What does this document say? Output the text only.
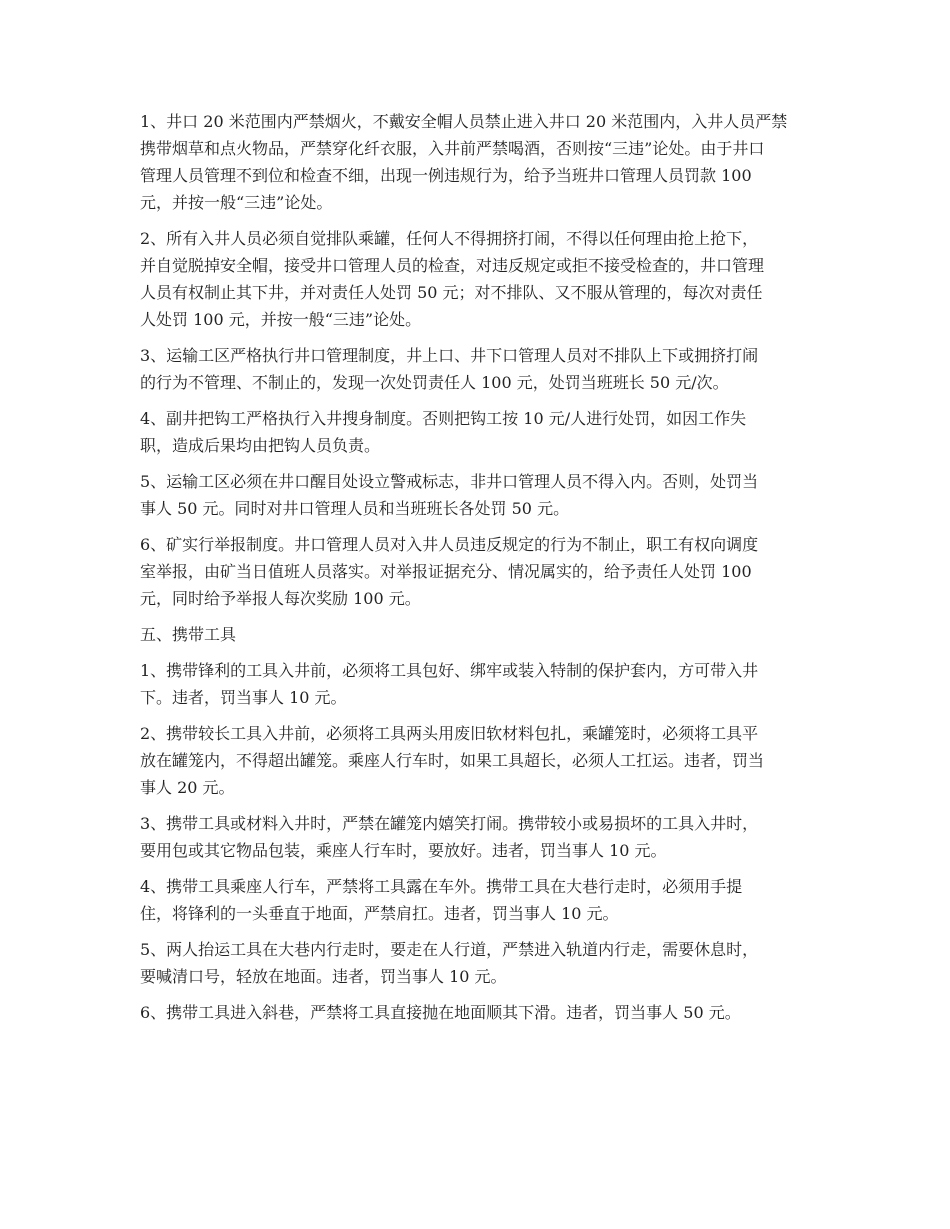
1、井口 20 米范围内严禁烟火，不戴安全帽人员禁止进入井口 20 米范围内，入井人员严禁
携带烟草和点火物品，严禁穿化纤衣服，入井前严禁喝酒，否则按“三违”论处。由于井口
管理人员管理不到位和检查不细，出现一例违规行为，给予当班井口管理人员罚款 100
元，并按一般“三违”论处。

2、所有入井人员必须自觉排队乘罐，任何人不得拥挤打闹，不得以任何理由抢上抢下，
并自觉脱掉安全帽，接受井口管理人员的检查，对违反规定或拒不接受检查的，井口管理
人员有权制止其下井，并对责任人处罚 50 元；对不排队、又不服从管理的，每次对责任
人处罚 100 元，并按一般“三违”论处。

3、运输工区严格执行井口管理制度，井上口、井下口管理人员对不排队上下或拥挤打闹
的行为不管理、不制止的，发现一次处罚责任人 100 元，处罚当班班长 50 元/次。

4、副井把钩工严格执行入井搜身制度。否则把钩工按 10 元/人进行处罚，如因工作失
职，造成后果均由把钩人员负责。

5、运输工区必须在井口醒目处设立警戒标志，非井口管理人员不得入内。否则，处罚当
事人 50 元。同时对井口管理人员和当班班长各处罚 50 元。

6、矿实行举报制度。井口管理人员对入井人员违反规定的行为不制止，职工有权向调度
室举报，由矿当日值班人员落实。对举报证据充分、情况属实的，给予责任人处罚 100
元，同时给予举报人每次奖励 100 元。

五、携带工具

1、携带锋利的工具入井前，必须将工具包好、绑牢或装入特制的保护套内，方可带入井
下。违者，罚当事人 10 元。

2、携带较长工具入井前，必须将工具两头用废旧软材料包扎，乘罐笼时，必须将工具平
放在罐笼内，不得超出罐笼。乘座人行车时，如果工具超长，必须人工扛运。违者，罚当
事人 20 元。

3、携带工具或材料入井时，严禁在罐笼内嬉笑打闹。携带较小或易损坏的工具入井时，
要用包或其它物品包装，乘座人行车时，要放好。违者，罚当事人 10 元。

4、携带工具乘座人行车，严禁将工具露在车外。携带工具在大巷行走时，必须用手提
住，将锋利的一头垂直于地面，严禁肩扛。违者，罚当事人 10 元。

5、两人抬运工具在大巷内行走时，要走在人行道，严禁进入轨道内行走，需要休息时，
要喊清口号，轻放在地面。违者，罚当事人 10 元。

6、携带工具进入斜巷，严禁将工具直接抛在地面顺其下滑。违者，罚当事人 50 元。
